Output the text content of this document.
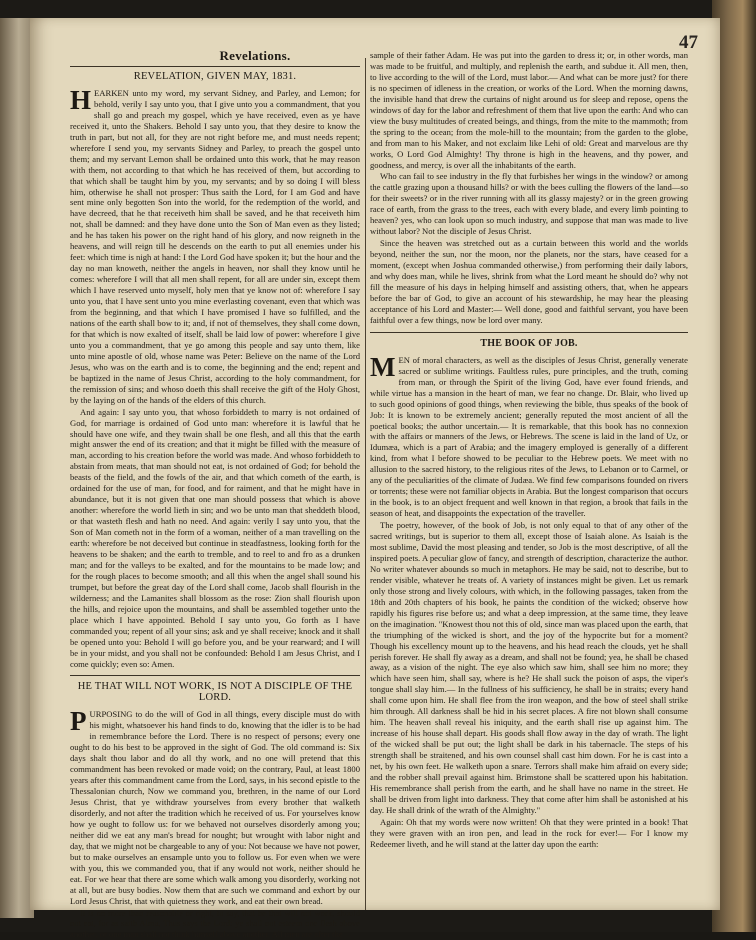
47
Revelations.
REVELATION, GIVEN MAY, 1831.

HEARKEN unto my word, my servant Sidney, and Parley, and Lemon; for behold, verily I say unto you, that I give unto you a commandment, that you shall go and preach my gospel, which ye have received, even as ye have received it, unto the Shakers. Behold I say unto you, that they desire to know the truth in part, but not all, for they are not right before me, and must needs repent; wherefore I send you, my servants Sidney and Parley, to preach the gospel unto them; and my servant Lemon shall be ordained unto this work, that he may reason with them, not according to that which he has received of them, but according to that which shall be taught him by you, my servants; and by so doing I will bless him, otherwise he shall not prosper: Thus saith the Lord, for I am God and have sent mine only begotten Son into the world, for the redemption of the world, and have decreed, that he that receiveth him shall be saved, and he that receiveth him not, shall be damned: and they have done unto the Son of Man even as they listed; and he has taken his power on the right hand of his glory, and now reigneth in the heavens, and will reign till he descends on the earth to put all enemies under his feet: which time is nigh at hand: I the Lord God have spoken it; but the hour and the day no man knoweth, neither the angels in heaven, nor shall they know until he comes: wherefore I will that all men shall repent, for all are under sin, except them which I have reserved unto myself, holy men that ye know not of: wherefore I say unto you, that I have sent unto you mine everlasting covenant, even that which was from the beginning, and that which I have promised I have so fulfilled, and the nations of the earth shall bow to it; and, if not of themselves, they shall come down, for that which is now exalted of itself, shall be laid low of power: wherefore I give unto you a commandment, that ye go among this people and say unto them, like unto mine apostle of old, whose name was Peter: Believe on the name of the Lord Jesus, who was on the earth and is to come, the beginning and the end; repent and be baptized in the name of Jesus Christ, according to the holy commandment, for the remission of sins; and whoso doeth this shall receive the gift of the Holy Ghost, by the laying on of the hands of the elders of this church.

And again: I say unto you, that whoso forbiddeth to marry is not ordained of God, for marriage is ordained of God unto man: wherefore it is lawful that he should have one wife, and they twain shall be one flesh, and all this that the earth might answer the end of its creation; and that it might be filled with the measure of man, according to his creation before the world was made. And whoso forbiddeth to abstain from meats, that man should not eat, is not ordained of God; for behold the beasts of the field, and the fowls of the air, and that which cometh of the earth, is ordained for the use of man, for food, and for raiment, and that he might have in abundance, but it is not given that one man should possess that which is above another: wherefore the world lieth in sin; and wo be unto man that sheddeth blood, or that wasteth flesh and hath no need. And again: verily I say unto you, that the Son of Man cometh not in the form of a woman, neither of a man travelling on the earth: wherefore be not deceived but continue in steadfastness, looking forth for the heavens to be shaken; and the earth to tremble, and to reel to and fro as a drunken man; and for the valleys to be exalted, and for the mountains to be made low; and for the rough places to become smooth; and all this when the angel shall sound his trumpet, but before the great day of the Lord shall come, Jacob shall flourish in the wilderness; and the Lamanites shall blossom as the rose: Zion shall flourish upon the hills, and rejoice upon the mountains, and shall be assembled together unto the place which I have appointed. Behold I say unto you, Go forth as I have commanded you; repent of all your sins; ask and ye shall receive; knock and it shall be opened unto you: Behold I will go before you, and be your rearward; and I will be in your midst, and you shall not be confounded: Behold I am Jesus Christ, and I come quickly; even so: Amen.

HE THAT WILL NOT WORK, IS NOT A DISCIPLE OF THE LORD.

PURPOSING to do the will of God in all things, every disciple must do with his might, whatsoever his hand finds to do, knowing that the idler is to be had in remembrance before the Lord. There is no respect of persons; every one ought to do his best to be approved in the sight of God. The old command is: Six days shalt thou labor and do all thy work, and no one will pretend that this commandment has been revoked or made void; on the contrary, Paul, at least 1800 years after this commandment came from the Lord, says, in his second epistle to the Thessalonian church, Now we command you, brethren, in the name of our Lord Jesus Christ, that ye withdraw yourselves from every brother that walketh disorderly, and not after the tradition which he received of us. For yourselves know how ye ought to follow us: for we behaved not ourselves disorderly among you; neither did we eat any man's bread for nought; but wrought with labor night and day, that we might not be chargeable to any of you: Not because we have not power, but to make ourselves an ensample unto you to follow us. For even when we were with you, this we commanded you, that if any would not work, neither should he eat. For we hear that there are some which walk among you disorderly, working not at all, but are busy bodies. Now them that are such we command and exhort by our Lord Jesus Christ, that with quietness they work, and eat their own bread.

It is no more than reasonable or right, to say, that he that will not work, should not eat, for as saith Alma, Thus says the Lord: ye shall not esteem one flesh above another, or one man shall not think himself above another. All men are after the

sample of their father Adam. He was put into the garden to dress it; or, in other words, man was made to be fruitful, and multiply, and replenish the earth, and subdue it. All men, then, to live according to the will of the Lord, must labor.— And what can be more just? for there is no specimen of idleness in the creation, or works of the Lord. When the morning dawns, the invisible hand that drew the curtains of night around us for sleep and repose, opens the windows of day for the labor and refreshment of them that live upon the earth: And who can view the busy multitudes of created beings, and things, from the mite to the mammoth; from the spring to the ocean; from the mole-hill to the mountain; from the garden to the globe, and from man to his Maker, and not exclaim like Lehi of old: Great and marvelous are thy works, O Lord God Almighty! Thy throne is high in the heavens, and thy power, and goodness, and mercy, is over all the inhabitants of the earth.

Who can fail to see industry in the fly that furbishes her wings in the window? or among the cattle grazing upon a thousand hills? or with the bees culling the flowers of the land—so for their sweets? or in the river running with all its glassy majesty? or in the green growing race of earth, from the grass to the trees, each with every blade, and every limb pointing to heaven? yes, who can look upon so much industry, and suppose that man was made to live without labor? Not the disciple of Jesus Christ.

Since the heaven was stretched out as a curtain between this world and the worlds beyond, neither the sun, nor the moon, nor the planets, nor the stars, have ceased for a moment, (except when Joshua commanded otherwise,) from performing their daily labors, and why does man, while he lives, shrink from what the Lord meant he should do? why not fill the measure of his days in helping himself and assisting others, that, when he appears before the bar of God, to give an account of his stewardship, he may hear the pleasing acceptance of his Lord and Master:— Well done, good and faithful servant, you have been faithful over a few things, now be lord over many.

THE BOOK OF JOB.

MEN of moral characters, as well as the disciples of Jesus Christ, generally venerate sacred or sublime writings. Faultless rules, pure principles, and the truth, coming from man, or through the Spirit of the living God, have ever found friends, and while virtue has a mansion in the heart of man, we fear no change. Dr. Blair, who lived up to such good opinions of good things, when reviewing the bible, thus speaks of the book of Job: It is known to be extremely ancient; generally reputed the most ancient of all the poetical books; the author uncertain.— It is remarkable, that this book has no connexion with the affairs or manners of the Jews, or Hebrews. The scene is laid in the land of Uz, or Idumæa, which is a part of Arabia; and the imagery employed is generally of a different kind, from what I before showed to be peculiar to the Hebrew poets. We meet with no allusion to the sacred history, to the religious rites of the Jews, to Lebanon or to Carmel, or any of the peculiarities of the climate of Judæa. We find few comparisons founded on rivers or torrents; these were not familiar objects in Arabia. But the longest comparison that occurs in the book, is to an object frequent and well known in that region, a brook that fails in the season of heat, and disappoints the expectation of the traveller.

The poetry, however, of the book of Job, is not only equal to that of any other of the sacred writings, but is superior to them all, except those of Isaiah alone. As Isaiah is the most sublime, David the most pleasing and tender, so Job is the most descriptive, of all the inspired poets. A peculiar glow of fancy, and strength of description, characterize the author. No writer whatever abounds so much in metaphors. He may be said, not to describe, but to render visible, whatever he treats of. A variety of instances might be given. Let us remark only those strong and lively colours, with which, in the following passages, taken from the 18th and 20th chapters of his book, he paints the condition of the wicked; observe how rapidly his figures rise before us; and what a deep impression, at the same time, they leave on the imagination. "Knowest thou not this of old, since man was placed upon the earth, that the triumphing of the wicked is short, and the joy of the hypocrite but for a moment? Though his excellency mount up to the heavens, and his head reach the clouds, yet he shall perish forever. He shall fly away as a dream, and shall not be found; yea, he shall be chased away, as a vision of the night. The eye also which saw him, shall see him no more; they which have seen him, shall say, where is he? He shall suck the poison of asps, the viper's tongue shall slay him.— In the fullness of his sufficiency, he shall be in straits; every hand shall come upon him. He shall flee from the iron weapon, and the bow of steel shall strike him through. All darkness shall be hid in his secret places. A fire not blown shall consume him. The heaven shall reveal his iniquity, and the earth shall rise up against him. The increase of his house shall depart. His goods shall flow away in the day of wrath. The light of the wicked shall be put out; the light shall be dark in his tabernacle. The steps of his strength shall be straitened, and his own counsel shall cast him down. For he is cast into a net, by his own feet. He walketh upon a snare. Terrors shall make him afraid on every side; and the robber shall prevail against him. Brimstone shall be scattered upon his habitation. His remembrance shall perish from the earth, and he shall have no name in the street. He shall be driven from light into darkness. They that come after him shall be astonished at his day. He shall drink of the wrath of the Almighty."

Again: Oh that my words were now written! Oh that they were printed in a book! That they were graven with an iron pen, and lead in the rock for ever!— For I know my Redeemer liveth, and he will stand at the latter day upon the earth:
